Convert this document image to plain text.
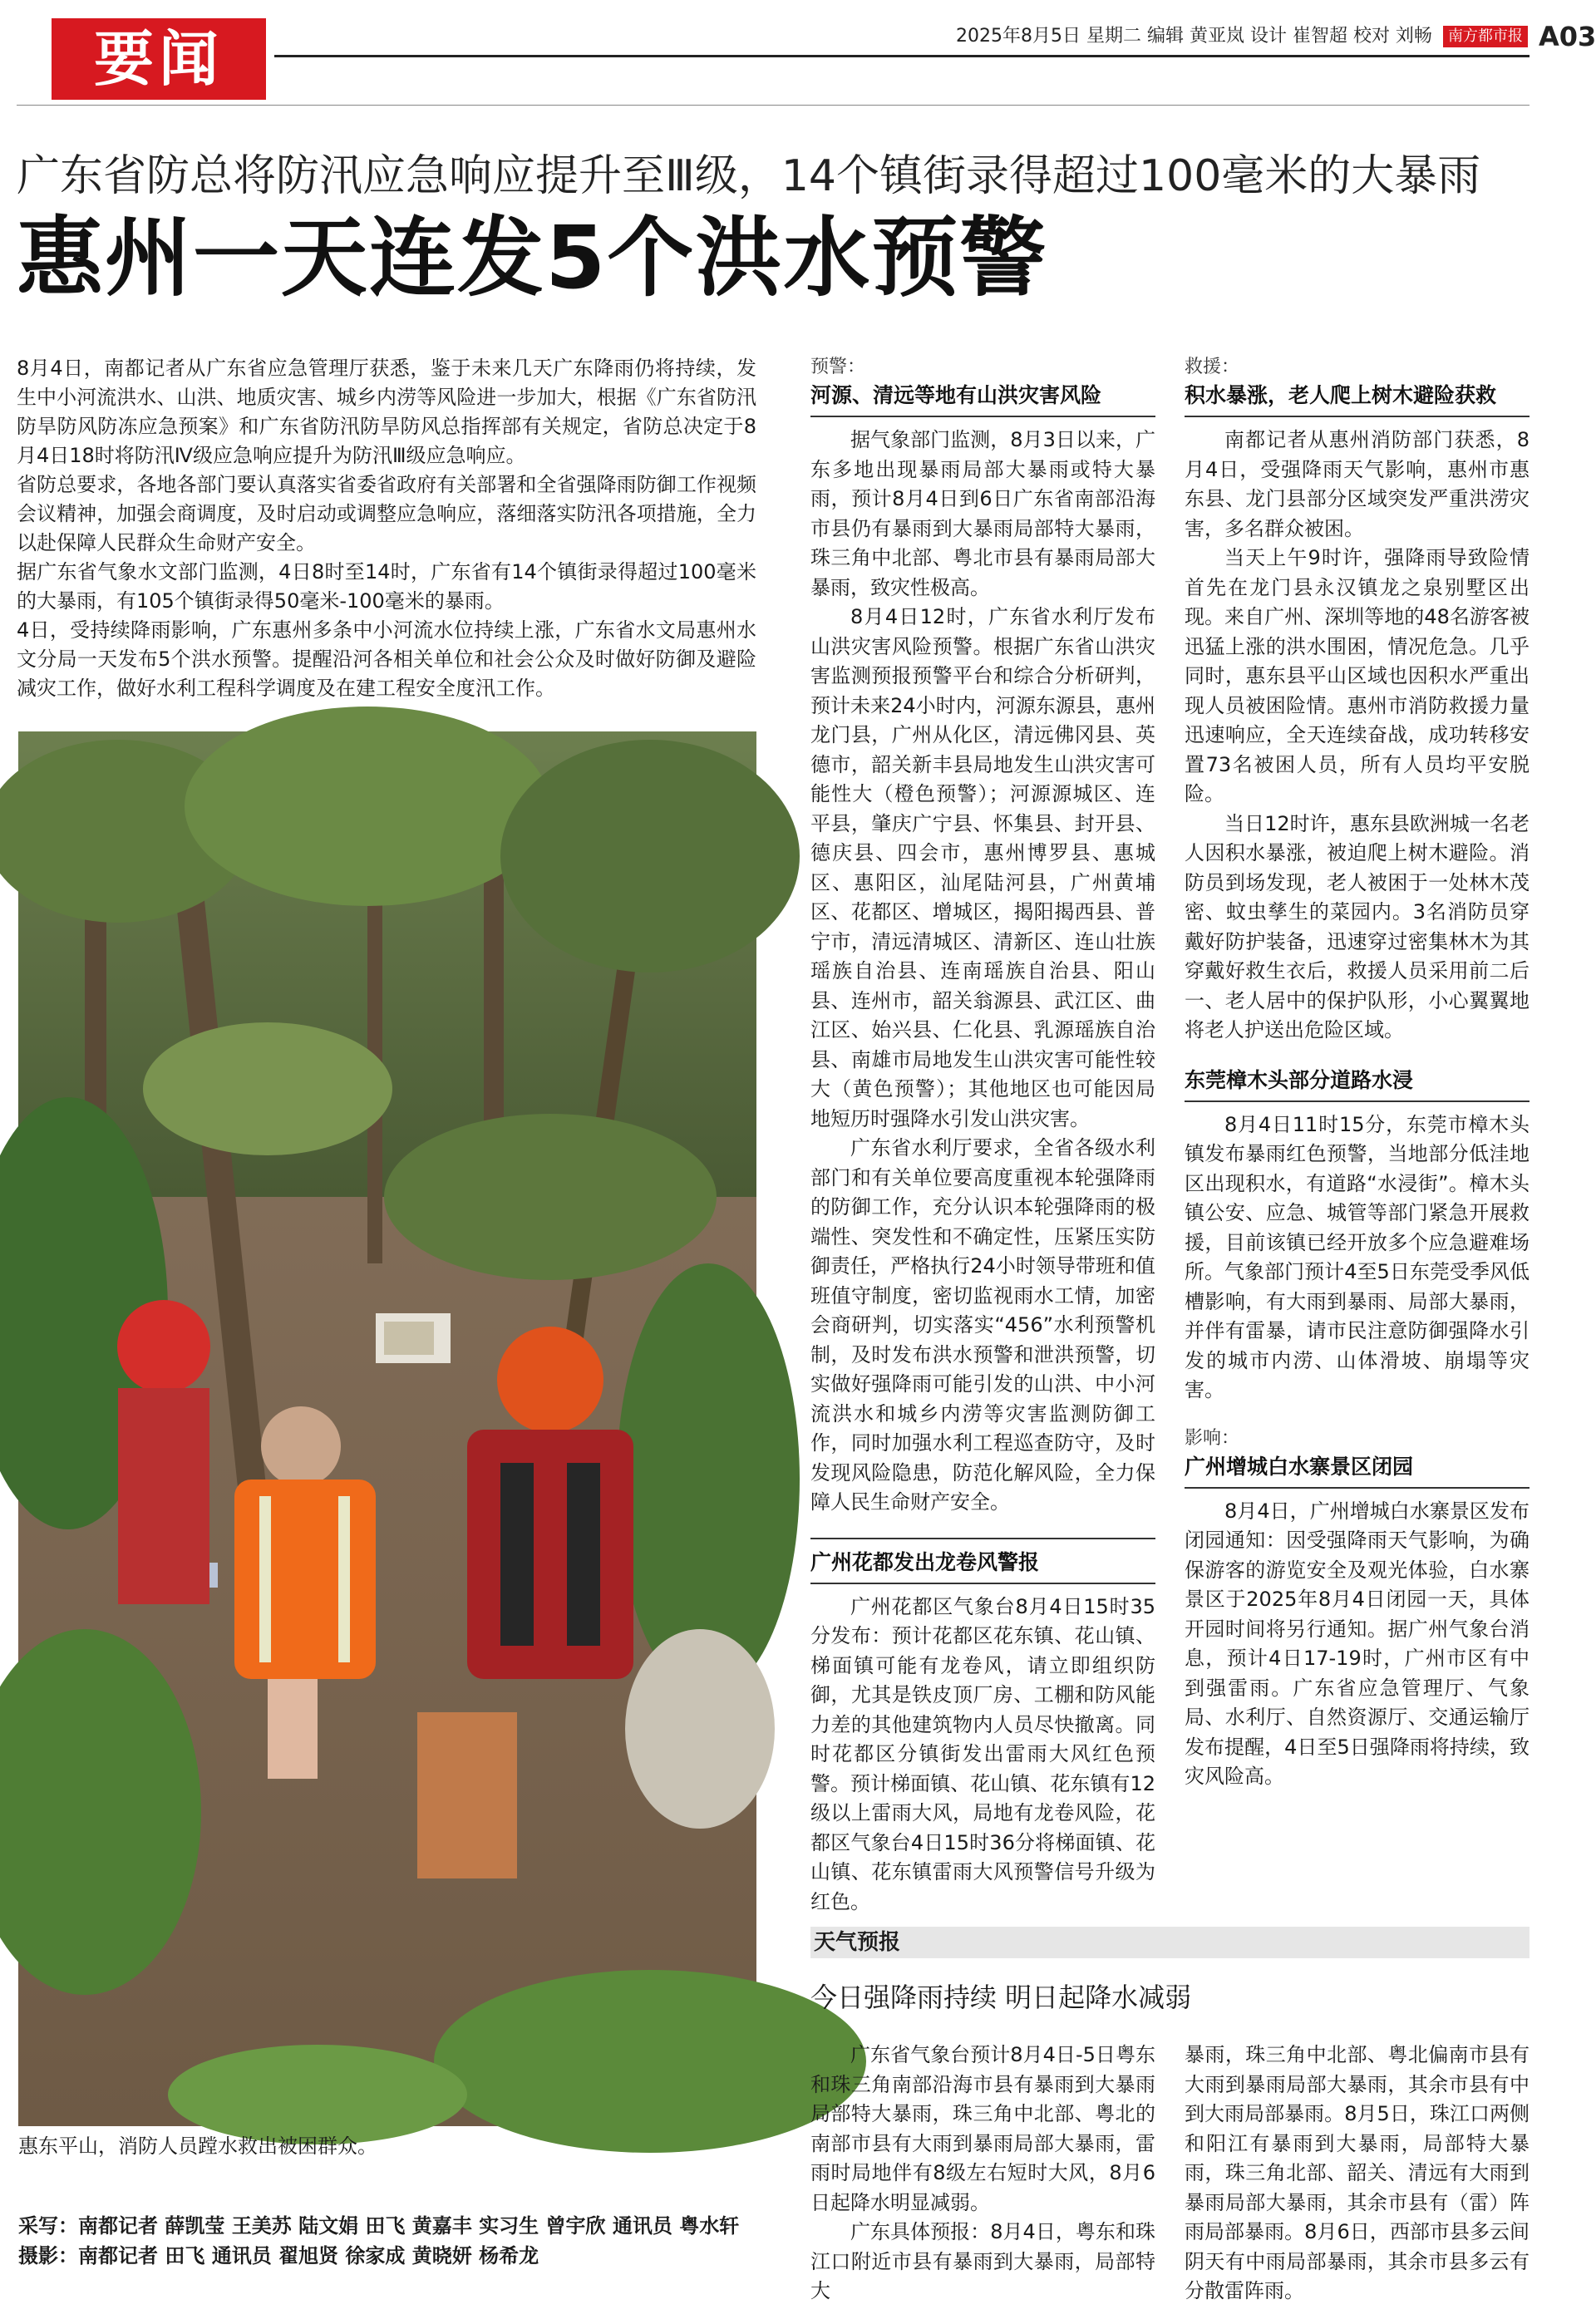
要闻	2025年8月5日 星期二 编辑 黄亚岚 设计 崔智超 校对 刘畅 南方都市报 A03
广东省防总将防汛应急响应提升至Ⅲ级，14个镇街录得超过100毫米的大暴雨
惠州一天连发5个洪水预警

8月4日，南都记者从广东省应急管理厅获悉，鉴于未来几天广东降雨仍将持续，发生中小河流洪水、山洪、地质灾害、城乡内涝等风险进一步加大，根据《广东省防汛防旱防风防冻应急预案》和广东省防汛防旱防风总指挥部有关规定，省防总决定于8月4日18时将防汛Ⅳ级应急响应提升为防汛Ⅲ级应急响应。

省防总要求，各地各部门要认真落实省委省政府有关部署和全省强降雨防御工作视频会议精神，加强会商调度，及时启动或调整应急响应，落细落实防汛各项措施，全力以赴保障人民群众生命财产安全。

据广东省气象水文部门监测，4日8时至14时，广东省有14个镇街录得超过100毫米的大暴雨，有105个镇街录得50毫米-100毫米的暴雨。

4日，受持续降雨影响，广东惠州多条中小河流水位持续上涨，广东省水文局惠州水文分局一天发布5个洪水预警。提醒沿河各相关单位和社会公众及时做好防御及避险减灾工作，做好水利工程科学调度及在建工程安全度汛工作。

惠东平山，消防人员蹚水救出被困群众。
采写：南都记者 薛凯莹 王美苏 陆文娟 田飞 黄嘉丰 实习生 曾宇欣 通讯员 粤水轩
摄影：南都记者 田飞 通讯员 翟旭贤 徐家成 黄晓妍 杨希龙
预警：
河源、清远等地有山洪灾害风险

据气象部门监测，8月3日以来，广东多地出现暴雨局部大暴雨或特大暴雨，预计8月4日到6日广东省南部沿海市县仍有暴雨到大暴雨局部特大暴雨，珠三角中北部、粤北市县有暴雨局部大暴雨，致灾性极高。

8月4日12时，广东省水利厅发布山洪灾害风险预警。根据广东省山洪灾害监测预报预警平台和综合分析研判，预计未来24小时内，河源东源县，惠州龙门县，广州从化区，清远佛冈县、英德市，韶关新丰县局地发生山洪灾害可能性大（橙色预警）；河源源城区、连平县，肇庆广宁县、怀集县、封开县、德庆县、四会市，惠州博罗县、惠城区、惠阳区，汕尾陆河县，广州黄埔区、花都区、增城区，揭阳揭西县、普宁市，清远清城区、清新区、连山壮族瑶族自治县、连南瑶族自治县、阳山县、连州市，韶关翁源县、武江区、曲江区、始兴县、仁化县、乳源瑶族自治县、南雄市局地发生山洪灾害可能性较大（黄色预警）；其他地区也可能因局地短历时强降水引发山洪灾害。

广东省水利厅要求，全省各级水利部门和有关单位要高度重视本轮强降雨的防御工作，充分认识本轮强降雨的极端性、突发性和不确定性，压紧压实防御责任，严格执行24小时领导带班和值班值守制度，密切监视雨水工情，加密会商研判，切实落实“456”水利预警机制，及时发布洪水预警和泄洪预警，切实做好强降雨可能引发的山洪、中小河流洪水和城乡内涝等灾害监测防御工作，同时加强水利工程巡查防守，及时发现风险隐患，防范化解风险，全力保障人民生命财产安全。

广州花都发出龙卷风警报

广州花都区气象台8月4日15时35分发布：预计花都区花东镇、花山镇、梯面镇可能有龙卷风，请立即组织防御，尤其是铁皮顶厂房、工棚和防风能力差的其他建筑物内人员尽快撤离。同时花都区分镇街发出雷雨大风红色预警。预计梯面镇、花山镇、花东镇有12级以上雷雨大风，局地有龙卷风险，花都区气象台4日15时36分将梯面镇、花山镇、花东镇雷雨大风预警信号升级为红色。

救援：
积水暴涨，老人爬上树木避险获救

南都记者从惠州消防部门获悉，8月4日，受强降雨天气影响，惠州市惠东县、龙门县部分区域突发严重洪涝灾害，多名群众被困。

当天上午9时许，强降雨导致险情首先在龙门县永汉镇龙之泉别墅区出现。来自广州、深圳等地的48名游客被迅猛上涨的洪水围困，情况危急。几乎同时，惠东县平山区域也因积水严重出现人员被困险情。惠州市消防救援力量迅速响应，全天连续奋战，成功转移安置73名被困人员，所有人员均平安脱险。

当日12时许，惠东县欧洲城一名老人因积水暴涨，被迫爬上树木避险。消防员到场发现，老人被困于一处林木茂密、蚊虫孳生的菜园内。3名消防员穿戴好防护装备，迅速穿过密集林木为其穿戴好救生衣后，救援人员采用前二后一、老人居中的保护队形，小心翼翼地将老人护送出危险区域。

东莞樟木头部分道路水浸

8月4日11时15分，东莞市樟木头镇发布暴雨红色预警，当地部分低洼地区出现积水，有道路“水浸街”。樟木头镇公安、应急、城管等部门紧急开展救援，目前该镇已经开放多个应急避难场所。气象部门预计4至5日东莞受季风低槽影响，有大雨到暴雨、局部大暴雨，并伴有雷暴，请市民注意防御强降水引发的城市内涝、山体滑坡、崩塌等灾害。

影响：
广州增城白水寨景区闭园

8月4日，广州增城白水寨景区发布闭园通知：因受强降雨天气影响，为确保游客的游览安全及观光体验，白水寨景区于2025年8月4日闭园一天，具体开园时间将另行通知。据广州气象台消息，预计4日17-19时，广州市区有中到强雷雨。广东省应急管理厅、气象局、水利厅、自然资源厅、交通运输厅发布提醒，4日至5日强降雨将持续，致灾风险高。

天气预报
今日强降雨持续 明日起降水减弱

广东省气象台预计8月4日-5日粤东和珠三角南部沿海市县有暴雨到大暴雨局部特大暴雨，珠三角中北部、粤北的南部市县有大雨到暴雨局部大暴雨，雷雨时局地伴有8级左右短时大风，8月6日起降水明显减弱。

广东具体预报：8月4日，粤东和珠江口附近市县有暴雨到大暴雨，局部特大

暴雨，珠三角中北部、粤北偏南市县有大雨到暴雨局部大暴雨，其余市县有中到大雨局部暴雨。8月5日，珠江口两侧和阳江有暴雨到大暴雨，局部特大暴雨，珠三角北部、韶关、清远有大雨到暴雨局部大暴雨，其余市县有（雷）阵雨局部暴雨。8月6日，西部市县多云间阴天有中雨局部暴雨，其余市县多云有分散雷阵雨。
